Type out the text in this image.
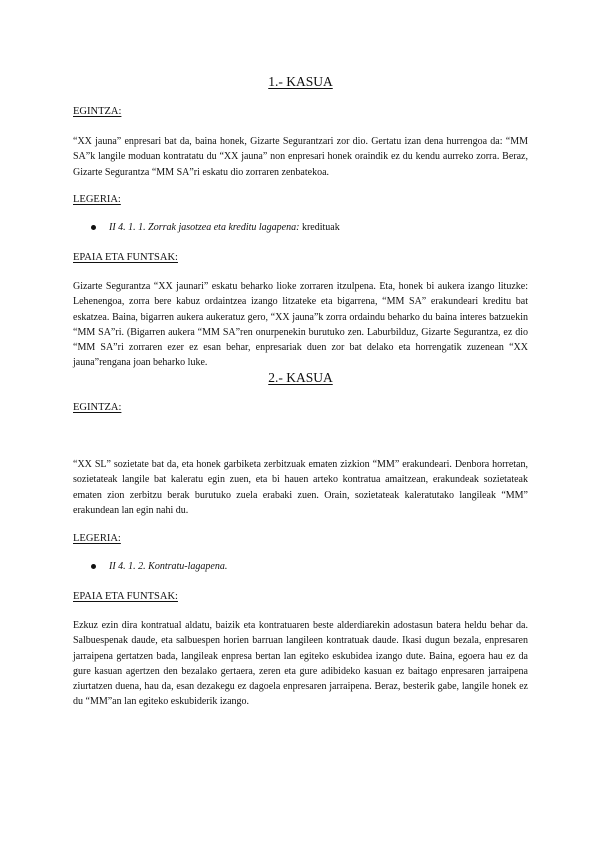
1.- KASUA
EGINTZA:

“XX jauna” enpresari bat da, baina honek, Gizarte Segurantzari zor dio. Gertatu izan dena hurrengoa da: “MM SA”k langile moduan kontratatu du “XX jauna” non enpresari honek oraindik ez du kendu aurreko zorra. Beraz, Gizarte Segurantza “MM SA”ri eskatu dio zorraren zenbatekoa.

LEGERIA:
II 4. 1. 1. Zorrak jasotzea eta kreditu lagapena: kredituak
EPAIA ETA FUNTSAK:

Gizarte Segurantza “XX jaunari” eskatu beharko lioke zorraren itzulpena. Eta, honek bi aukera izango lituzke: Lehenengoa, zorra bere kabuz ordaintzea izango litzateke eta bigarrena, “MM SA” erakundeari kreditu bat eskatzea. Baina, bigarren aukera aukeratuz gero, “XX jauna”k zorra ordaindu beharko du baina interes batzuekin “MM SA”ri. (Bigarren aukera “MM SA”ren onurpenekin burutuko zen. Laburbilduz, Gizarte Segurantza, ez dio “MM SA”ri zorraren ezer ez esan behar, enpresariak duen zor bat delako eta horrengatik zuzenean “XX jauna”rengana joan beharko luke.

2.- KASUA
EGINTZA:

“XX SL” sozietate bat da, eta honek garbiketa zerbitzuak ematen zizkion “MM” erakundeari. Denbora horretan, sozietateak langile bat kaleratu egin zuen, eta bi hauen arteko kontratua amaitzean, erakundeak sozietateak ematen zion zerbitzu berak burutuko zuela erabaki zuen. Orain, sozietateak kaleratutako langileak “MM” erakundean lan egin nahi du.

LEGERIA:
II 4. 1. 2. Kontratu-lagapena.
EPAIA ETA FUNTSAK:

Ezkuz ezin dira kontratual aldatu, baizik eta kontratuaren beste alderdiarekin adostasun batera heldu behar da. Salbuespenak daude, eta salbuespen horien barruan langileen kontratuak daude. Ikasi dugun bezala, enpresaren jarraipena gertatzen bada, langileak enpresa bertan lan egiteko eskubidea izango dute. Baina, egoera hau ez da gure kasuan agertzen den bezalako gertaera, zeren eta gure adibideko kasuan ez baitago enpresaren jarraipena ziurtatzen duena, hau da, esan dezakegu ez dagoela enpresaren jarraipena. Beraz, besterik gabe, langile honek ez du “MM”an lan egiteko eskubiderik izango.
